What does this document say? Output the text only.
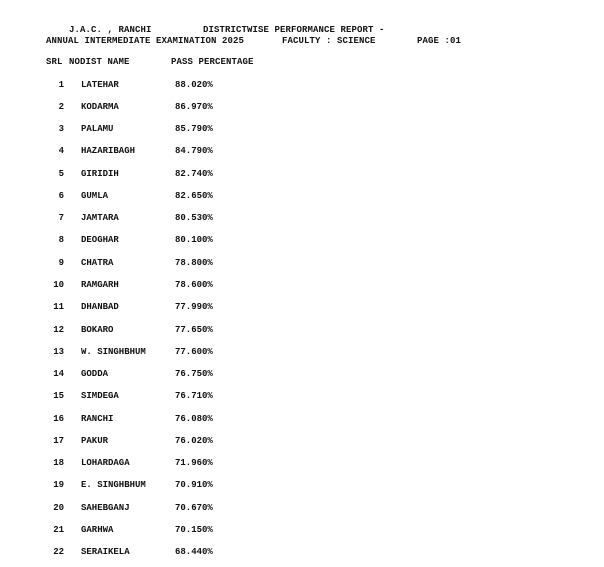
J.A.C. , RANCHI	DISTRICTWISE PERFORMANCE REPORT -
ANNUAL INTERMEDIATE EXAMINATION 2025	FACULTY : SCIENCE	PAGE :01
SRL NODIST NAME	PASS PERCENTAGE
1 LATEHAR	88.020%
2 KODARMA	86.970%
3 PALAMU	85.790%
4 HAZARIBAGH	84.790%
5 GIRIDIH	82.740%
6 GUMLA	82.650%
7 JAMTARA	80.530%
8 DEOGHAR	80.100%
9 CHATRA	78.800%
10 RAMGARH	78.600%
11 DHANBAD	77.990%
12 BOKARO	77.650%
13 W. SINGHBHUM	77.600%
14 GODDA	76.750%
15 SIMDEGA	76.710%
16 RANCHI	76.080%
17 PAKUR	76.020%
18 LOHARDAGA	71.960%
19 E. SINGHBHUM	70.910%
20 SAHEBGANJ	70.670%
21 GARHWA	70.150%
22 SERAIKELA	68.440%
